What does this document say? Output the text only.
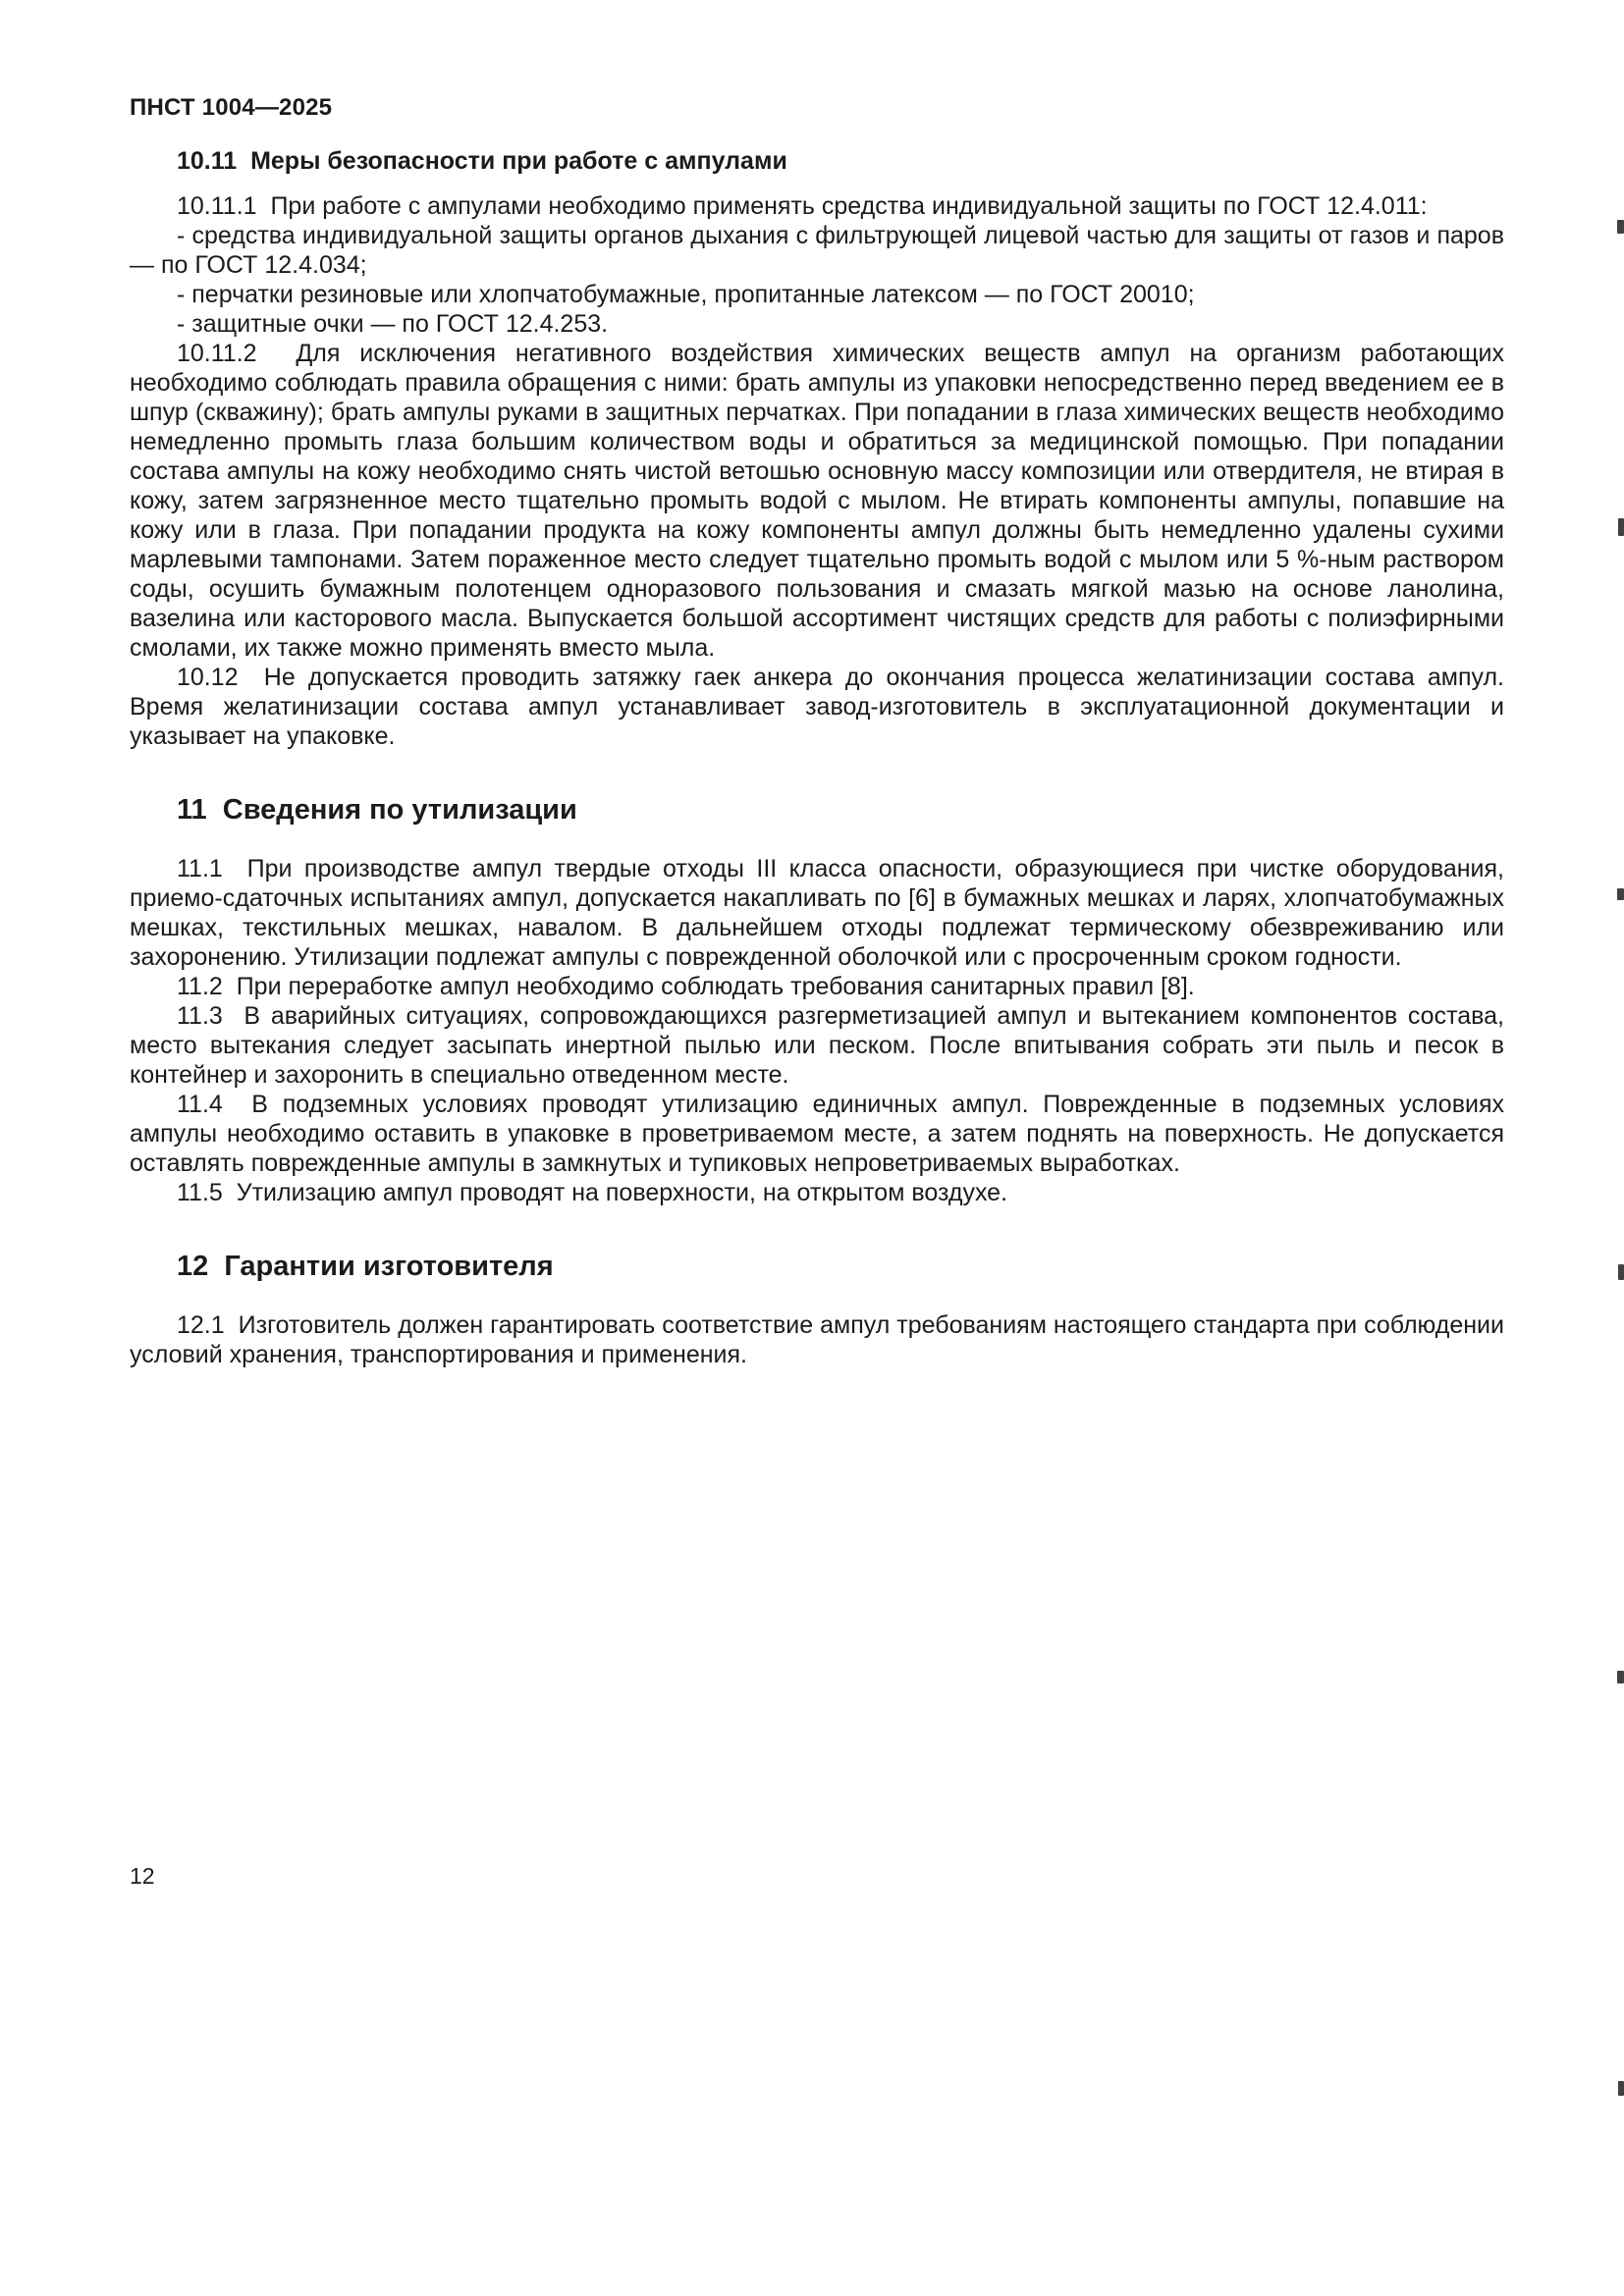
ПНСТ 1004—2025
10.11  Меры безопасности при работе с ампулами

10.11.1  При работе с ампулами необходимо применять средства индивидуальной защиты по ГОСТ 12.4.011:

- средства индивидуальной защиты органов дыхания с фильтрующей лицевой частью для защиты от газов и паров — по ГОСТ 12.4.034;

- перчатки резиновые или хлопчатобумажные, пропитанные латексом — по ГОСТ 20010;

- защитные очки — по ГОСТ 12.4.253.

10.11.2  Для исключения негативного воздействия химических веществ ампул на организм работающих необходимо соблюдать правила обращения с ними: брать ампулы из упаковки непосредственно перед введением ее в шпур (скважину); брать ампулы руками в защитных перчатках. При попадании в глаза химических веществ необходимо немедленно промыть глаза большим количеством воды и обратиться за медицинской помощью. При попадании состава ампулы на кожу необходимо снять чистой ветошью основную массу композиции или отвердителя, не втирая в кожу, затем загрязненное место тщательно промыть водой с мылом. Не втирать компоненты ампулы, попавшие на кожу или в глаза. При попадании продукта на кожу компоненты ампул должны быть немедленно удалены сухими марлевыми тампонами. Затем пораженное место следует тщательно промыть водой с мылом или 5 %-ным раствором соды, осушить бумажным полотенцем одноразового пользования и смазать мягкой мазью на основе ланолина, вазелина или касторового масла. Выпускается большой ассортимент чистящих средств для работы с полиэфирными смолами, их также можно применять вместо мыла.

10.12  Не допускается проводить затяжку гаек анкера до окончания процесса желатинизации состава ампул. Время желатинизации состава ампул устанавливает завод-изготовитель в эксплуатационной документации и указывает на упаковке.

11  Сведения по утилизации

11.1  При производстве ампул твердые отходы III класса опасности, образующиеся при чистке оборудования, приемо-сдаточных испытаниях ампул, допускается накапливать по [6] в бумажных мешках и ларях, хлопчатобумажных мешках, текстильных мешках, навалом. В дальнейшем отходы подлежат термическому обезвреживанию или захоронению. Утилизации подлежат ампулы с поврежденной оболочкой или с просроченным сроком годности.

11.2  При переработке ампул необходимо соблюдать требования санитарных правил [8].

11.3  В аварийных ситуациях, сопровождающихся разгерметизацией ампул и вытеканием компонентов состава, место вытекания следует засыпать инертной пылью или песком. После впитывания собрать эти пыль и песок в контейнер и захоронить в специально отведенном месте.

11.4  В подземных условиях проводят утилизацию единичных ампул. Поврежденные в подземных условиях ампулы необходимо оставить в упаковке в проветриваемом месте, а затем поднять на поверхность. Не допускается оставлять поврежденные ампулы в замкнутых и тупиковых непроветриваемых выработках.

11.5  Утилизацию ампул проводят на поверхности, на открытом воздухе.

12  Гарантии изготовителя

12.1  Изготовитель должен гарантировать соответствие ампул требованиям настоящего стандарта при соблюдении условий хранения, транспортирования и применения.

12
